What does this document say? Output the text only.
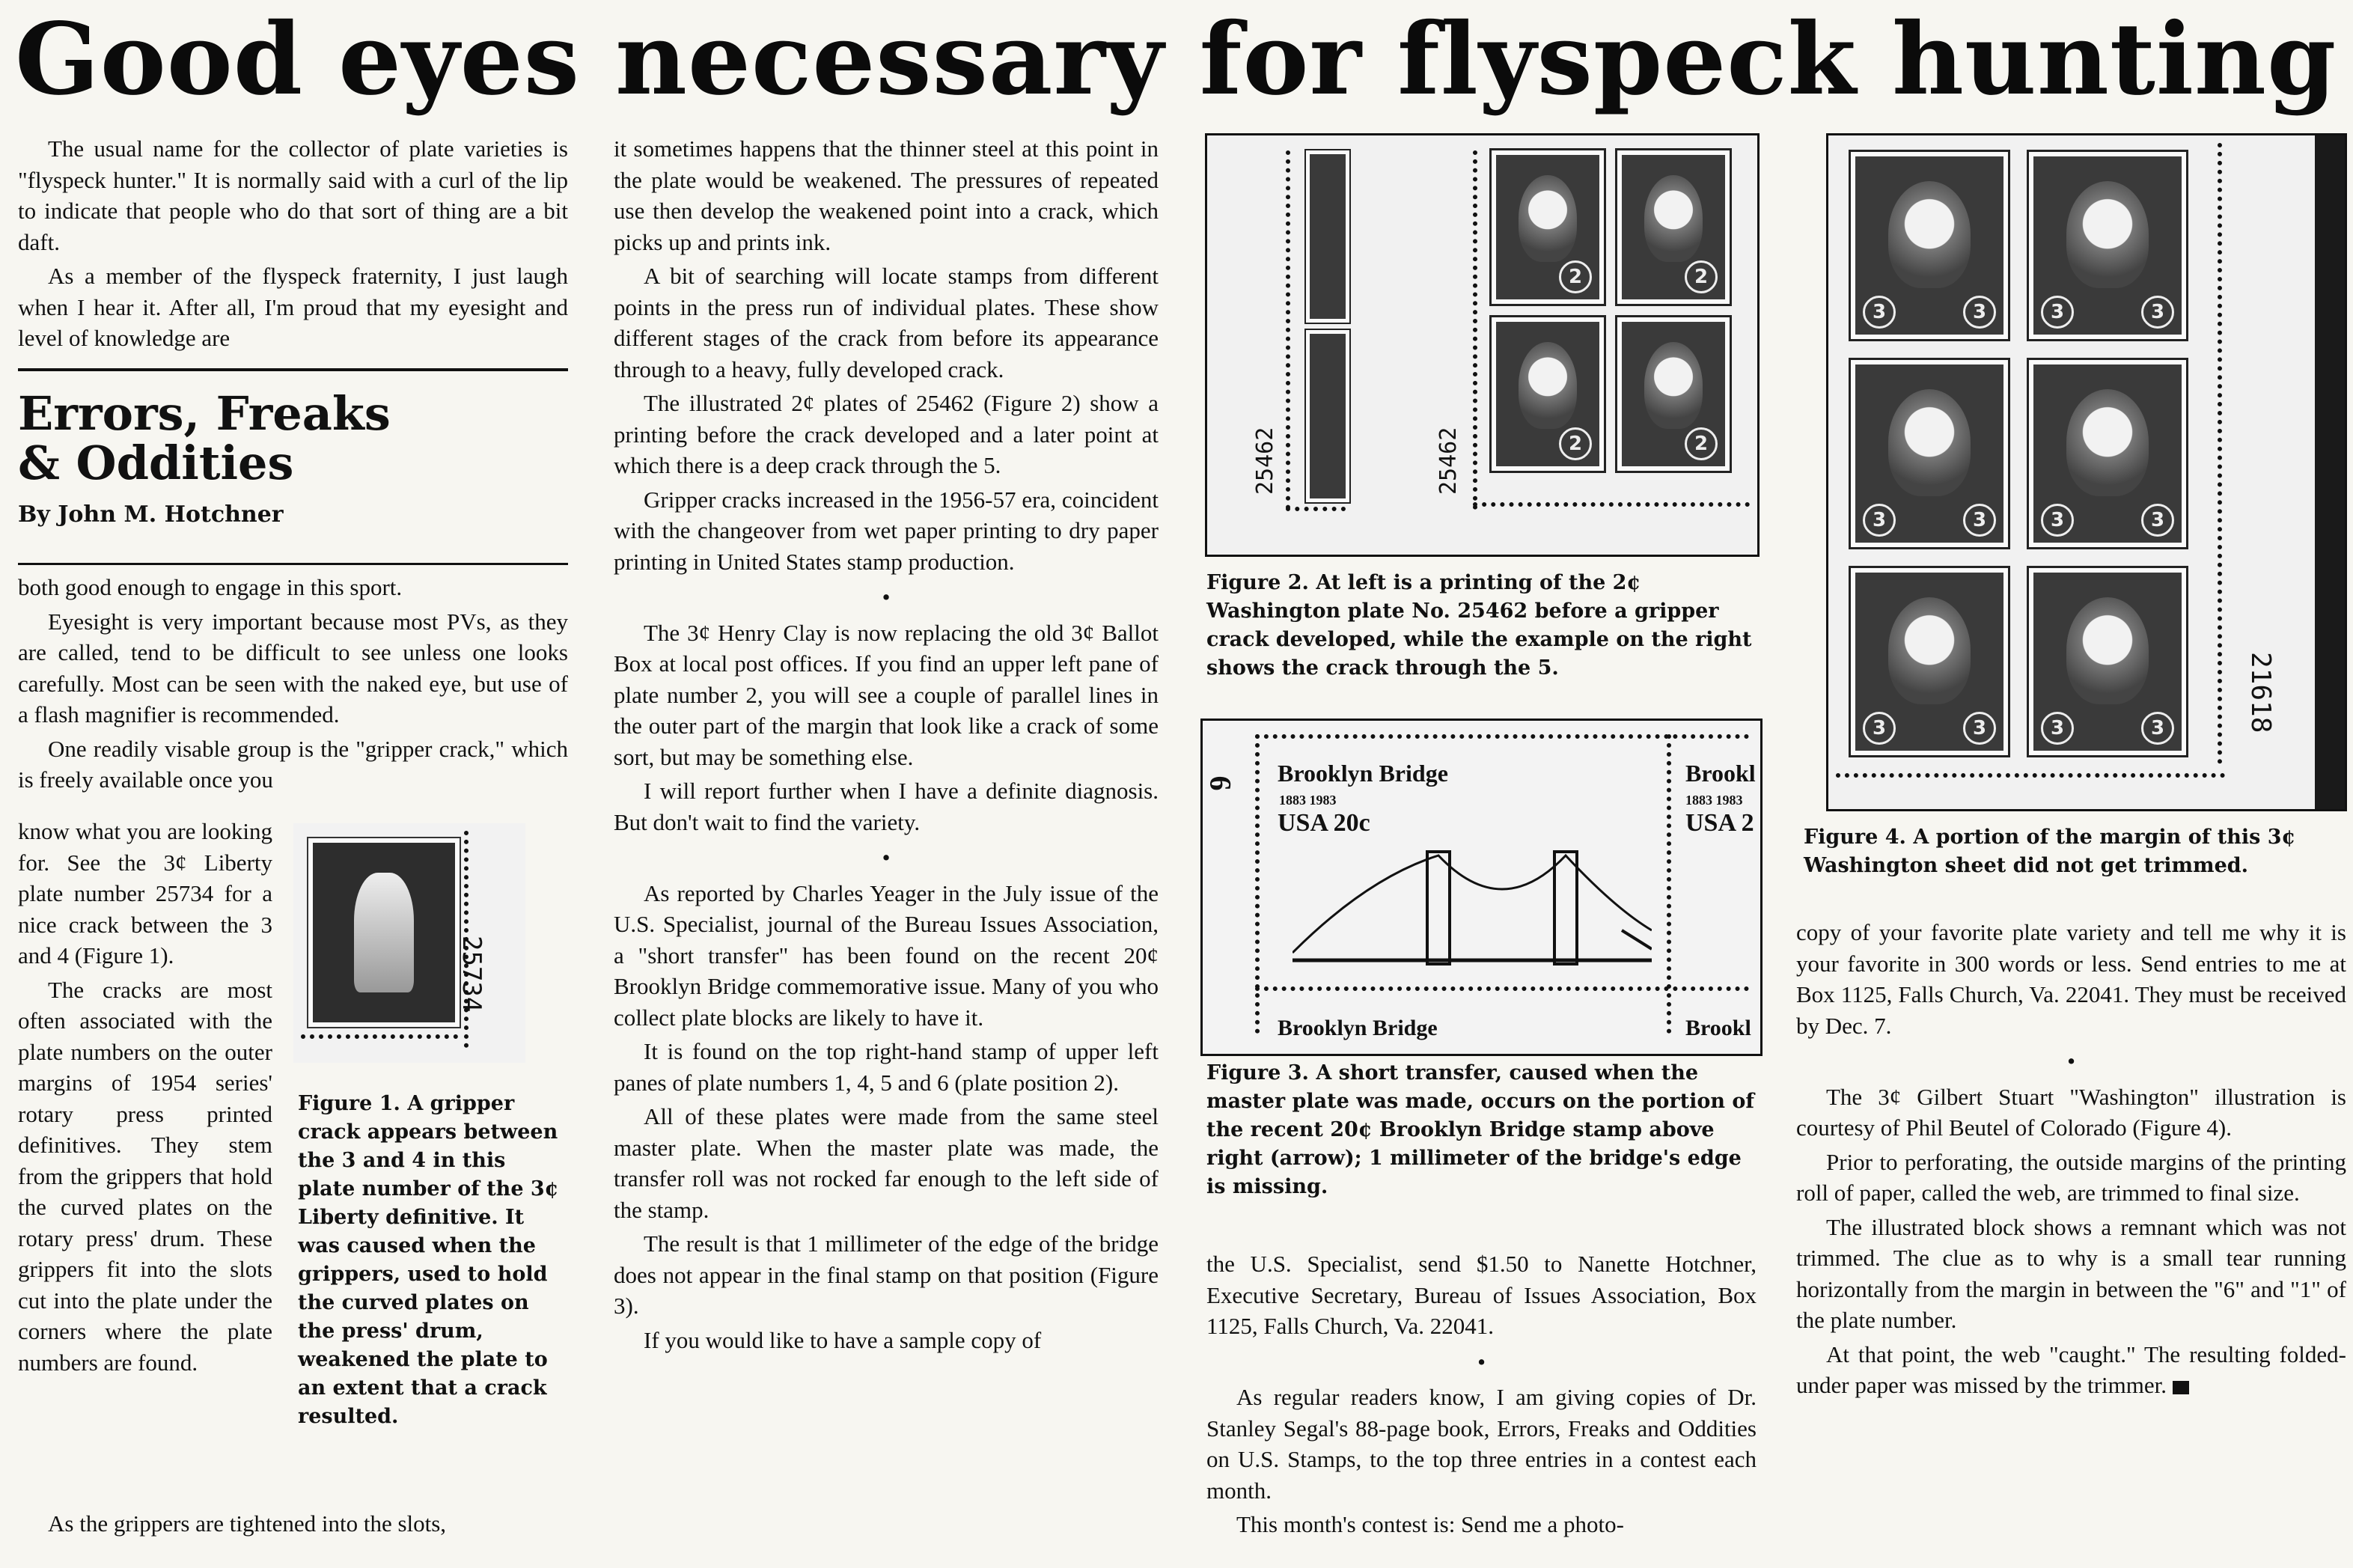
Good eyes necessary for flyspeck hunting

The usual name for the collector of plate varieties is "flyspeck hunter." It is normally said with a curl of the lip to indicate that people who do that sort of thing are a bit daft.

As a member of the flyspeck fraternity, I just laugh when I hear it. After all, I'm proud that my eyesight and level of knowledge are

Errors, Freaks
& Oddities
By John M. Hotchner

both good enough to engage in this sport.

Eyesight is very important because most PVs, as they are called, tend to be difficult to see unless one looks carefully. Most can be seen with the naked eye, but use of a flash magnifier is recommended.

One readily visable group is the "gripper crack," which is freely available once you

know what you are looking for. See the 3¢ Liberty plate number 25734 for a nice crack between the 3 and 4 (Figure 1).

The cracks are most often associated with the plate numbers on the outer margins of 1954 series' rotary press printed definitives. They stem from the grippers that hold the curved plates on the rotary press' drum. These grippers fit into the slots cut into the plate under the corners where the plate numbers are found.

As the grippers are tightened into the slots,

25734
Figure 1. A gripper crack appears between the 3 and 4 in this plate number of the 3¢ Liberty definitive. It was caused when the grippers, used to hold the curved plates on the press' drum, weakened the plate to an extent that a crack resulted.

it sometimes happens that the thinner steel at this point in the plate would be weakened. The pressures of repeated use then develop the weakened point into a crack, which picks up and prints ink.

A bit of searching will locate stamps from different points in the press run of individual plates. These show different stages of the crack from before its appearance through to a heavy, fully developed crack.

The illustrated 2¢ plates of 25462 (Figure 2) show a printing before the crack developed and a later point at which there is a deep crack through the 5.

Gripper cracks increased in the 1956-57 era, coincident with the changeover from wet paper printing to dry paper printing in United States stamp production.

•

The 3¢ Henry Clay is now replacing the old 3¢ Ballot Box at local post offices. If you find an upper left pane of plate number 2, you will see a couple of parallel lines in the outer part of the margin that look like a crack of some sort, but may be something else.

I will report further when I have a definite diagnosis. But don't wait to find the variety.

•

As reported by Charles Yeager in the July issue of the U.S. Specialist, journal of the Bureau Issues Association, a "short transfer" has been found on the recent 20¢ Brooklyn Bridge commemorative issue. Many of you who collect plate blocks are likely to have it.

It is found on the top right-hand stamp of upper left panes of plate numbers 1, 4, 5 and 6 (plate position 2).

All of these plates were made from the same steel master plate. When the master plate was made, the transfer roll was not rocked far enough to the left side of the stamp.

The result is that 1 millimeter of the edge of the bridge does not appear in the final stamp on that position (Figure 3).

If you would like to have a sample copy of

25462
2	2
2	2
25462
Figure 2. At left is a printing of the 2¢ Washington plate No. 25462 before a gripper crack developed, while the example on the right shows the crack through the 5.
6 Brooklyn Bridge
1883 1983
USA 20c
Brookl
1883 1983
USA 2
Brooklyn Bridge	Brookl
Figure 3. A short transfer, caused when the master plate was made, occurs on the portion of the recent 20¢ Brooklyn Bridge stamp above right (arrow); 1 millimeter of the bridge's edge is missing.

the U.S. Specialist, send $1.50 to Nanette Hotchner, Executive Secretary, Bureau of Issues Association, Box 1125, Falls Church, Va. 22041.

•

As regular readers know, I am giving copies of Dr. Stanley Segal's 88-page book, Errors, Freaks and Oddities on U.S. Stamps, to the top three entries in a contest each month.

This month's contest is: Send me a photo-

3	3	3	3
3	3	3	3
3	3	3	3	21618
Figure 4. A portion of the margin of this 3¢ Washington sheet did not get trimmed.

copy of your favorite plate variety and tell me why it is your favorite in 300 words or less. Send entries to me at Box 1125, Falls Church, Va. 22041. They must be received by Dec. 7.

•

The 3¢ Gilbert Stuart "Washington" illustration is courtesy of Phil Beutel of Colorado (Figure 4).

Prior to perforating, the outside margins of the printing roll of paper, called the web, are trimmed to final size.

The illustrated block shows a remnant which was not trimmed. The clue as to why is a small tear running horizontally from the margin in between the "6" and "1" of the plate number.

At that point, the web "caught." The resulting folded-under paper was missed by the trimmer.
